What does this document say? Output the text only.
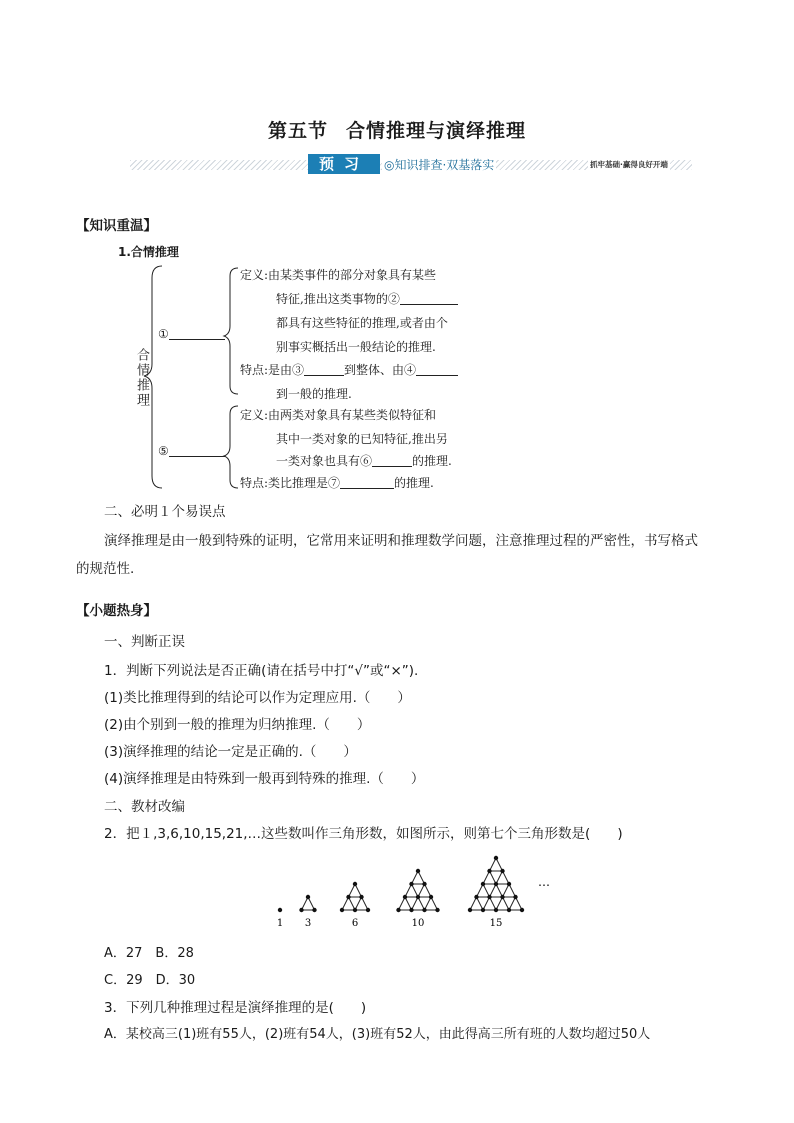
第五节 合情推理与演绎推理
预习	◎知识排查·双基落实	抓牢基础·赢得良好开端
【知识重温】
1.合情推理
合情推理
①
定义:由某类事件的部分对象具有某些
特征,推出这类事物的②
都具有这些特征的推理,或者由个
别事实概括出一般结论的推理.
特点:是由③	到整体、由④
到一般的推理.
⑤
定义:由两类对象具有某些类似特征和
其中一类对象的已知特征,推出另
一类对象也具有⑥	的推理.
特点:类比推理是⑦	的推理.
二、必明１个易误点
演绎推理是由一般到特殊的证明，它常用来证明和推理数学问题，注意推理过程的严密性，书写格式
的规范性.
【小题热身】
一、判断正误
1．判断下列说法是否正确(请在括号中打“√”或“×”).
(1)类比推理得到的结论可以作为定理应用.（　　）
(2)由个别到一般的推理为归纳推理.（　　）
(3)演绎推理的结论一定是正确的.（　　）
(4)演绎推理是由特殊到一般再到特殊的推理.（　　）
二、教材改编
2．把１,3,6,10,15,21,…这些数叫作三角形数，如图所示，则第七个三角形数是(　　)
…
1 3	6	10	15
A．27　B．28
C．29　D．30
3．下列几种推理过程是演绎推理的是(　　)
A．某校高三(1)班有55人，(2)班有54人，(3)班有52人，由此得高三所有班的人数均超过50人
